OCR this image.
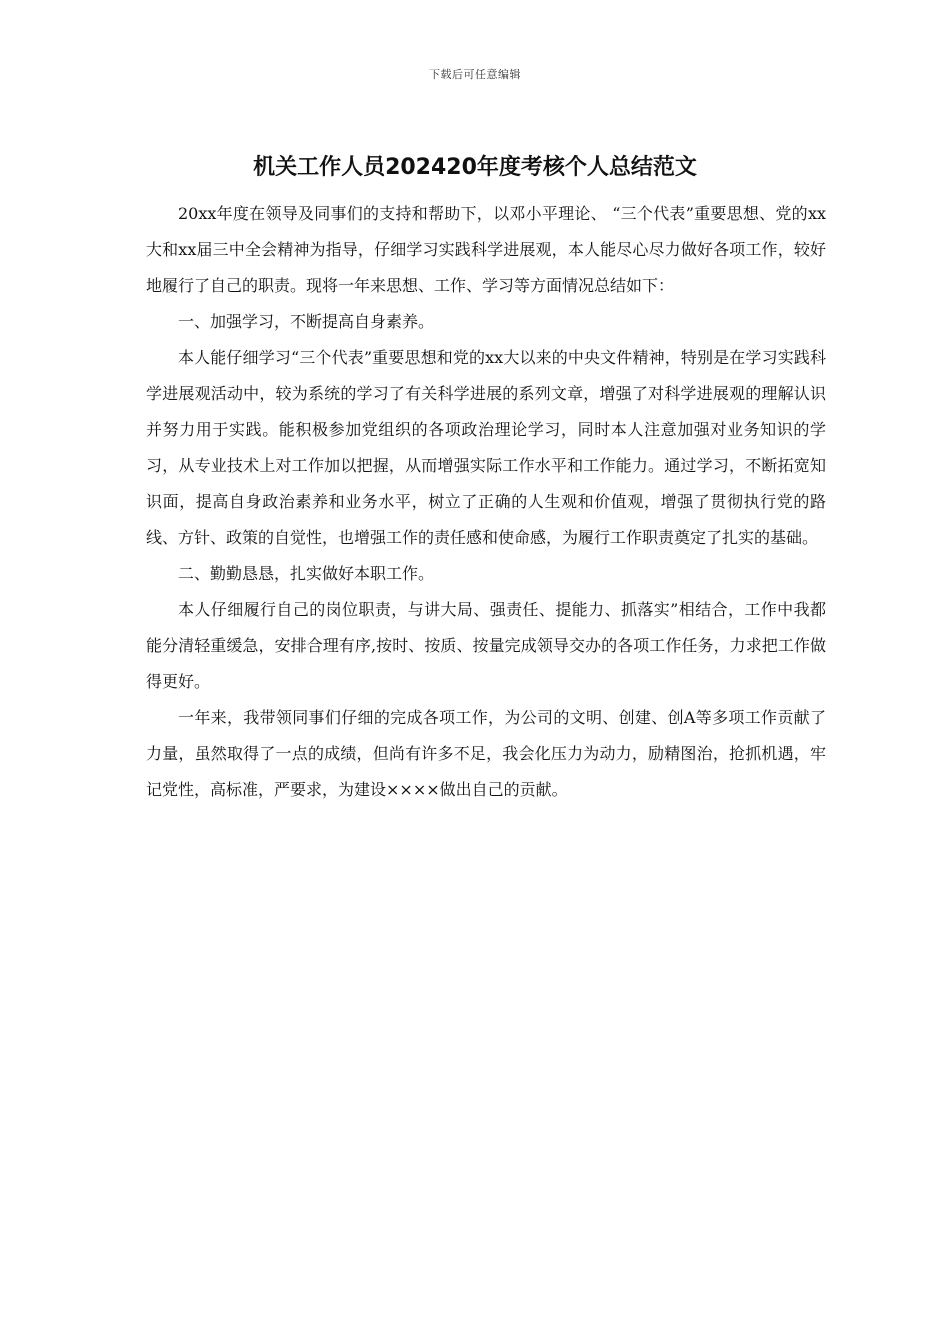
下载后可任意编辑
机关工作人员202420年度考核个人总结范文

20xx年度在领导及同事们的支持和帮助下，以邓小平理论、 “三个代表”重要思想、党的xx大和xx届三中全会精神为指导，仔细学习实践科学进展观，本人能尽心尽力做好各项工作，较好地履行了自己的职责。现将一年来思想、工作、学习等方面情况总结如下：

一、加强学习，不断提高自身素养。

本人能仔细学习“三个代表”重要思想和党的xx大以来的中央文件精神，特别是在学习实践科学进展观活动中，较为系统的学习了有关科学进展的系列文章，增强了对科学进展观的理解认识并努力用于实践。能积极参加党组织的各项政治理论学习，同时本人注意加强对业务知识的学习，从专业技术上对工作加以把握，从而增强实际工作水平和工作能力。通过学习，不断拓宽知识面，提高自身政治素养和业务水平，树立了正确的人生观和价值观，增强了贯彻执行党的路线、方针、政策的自觉性，也增强工作的责任感和使命感，为履行工作职责奠定了扎实的基础。

二、勤勤恳恳，扎实做好本职工作。

本人仔细履行自己的岗位职责，与讲大局、强责任、提能力、抓落实”相结合，工作中我都能分清轻重缓急，安排合理有序,按时、按质、按量完成领导交办的各项工作任务，力求把工作做得更好。

一年来，我带领同事们仔细的完成各项工作，为公司的文明、创建、创A等多项工作贡献了力量，虽然取得了一点的成绩，但尚有许多不足，我会化压力为动力，励精图治，抢抓机遇，牢记党性，高标准，严要求，为建设××××做出自己的贡献。
